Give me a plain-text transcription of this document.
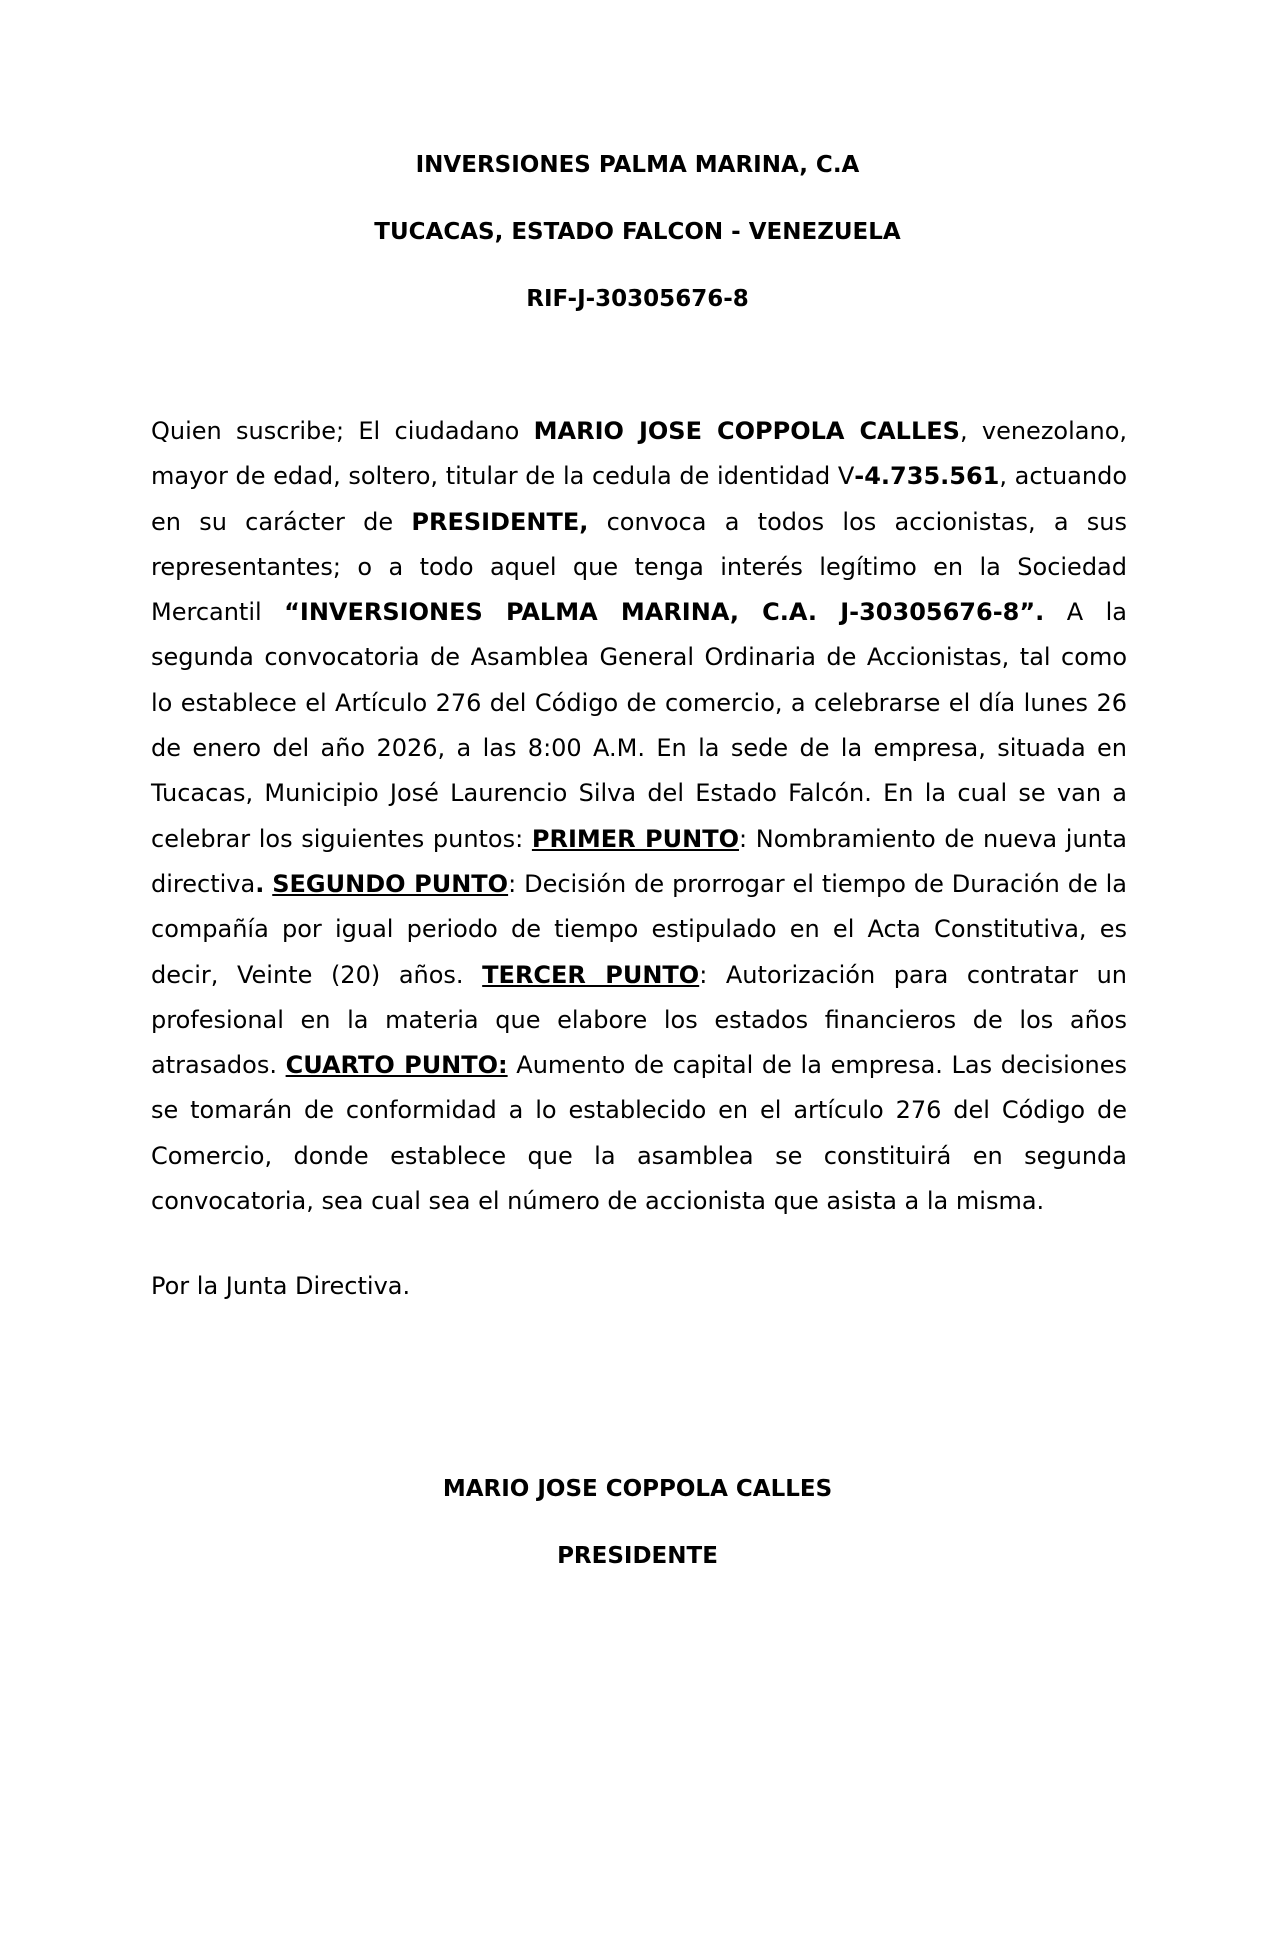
INVERSIONES PALMA MARINA, C.A
TUCACAS, ESTADO FALCON - VENEZUELA
RIF-J-30305676-8

Quien suscribe; El ciudadano MARIO JOSE COPPOLA CALLES, venezolano, mayor de edad, soltero, titular de la cedula de identidad V-4.735.561, actuando en su carácter de PRESIDENTE, convoca a todos los accionistas, a sus representantes; o a todo aquel que tenga interés legítimo en la Sociedad Mercantil “INVERSIONES PALMA MARINA, C.A. J-30305676-8”. A la segunda convocatoria de Asamblea General Ordinaria de Accionistas, tal como lo establece el Artículo 276 del Código de comercio, a celebrarse el día lunes 26 de enero del año 2026, a las 8:00 A.M. En la sede de la empresa, situada en Tucacas, Municipio José Laurencio Silva del Estado Falcón. En la cual se van a celebrar los siguientes puntos: PRIMER PUNTO: Nombramiento de nueva junta directiva. SEGUNDO PUNTO: Decisión de prorrogar el tiempo de Duración de la compañía por igual periodo de tiempo estipulado en el Acta Constitutiva, es decir, Veinte (20) años. TERCER PUNTO: Autorización para contratar un profesional en la materia que elabore los estados financieros de los años atrasados. CUARTO PUNTO: Aumento de capital de la empresa. Las decisiones se tomarán de conformidad a lo establecido en el artículo 276 del Código de Comercio, donde establece que la asamblea se constituirá en segunda convocatoria, sea cual sea el número de accionista que asista a la misma.

Por la Junta Directiva.

MARIO JOSE COPPOLA CALLES
PRESIDENTE
